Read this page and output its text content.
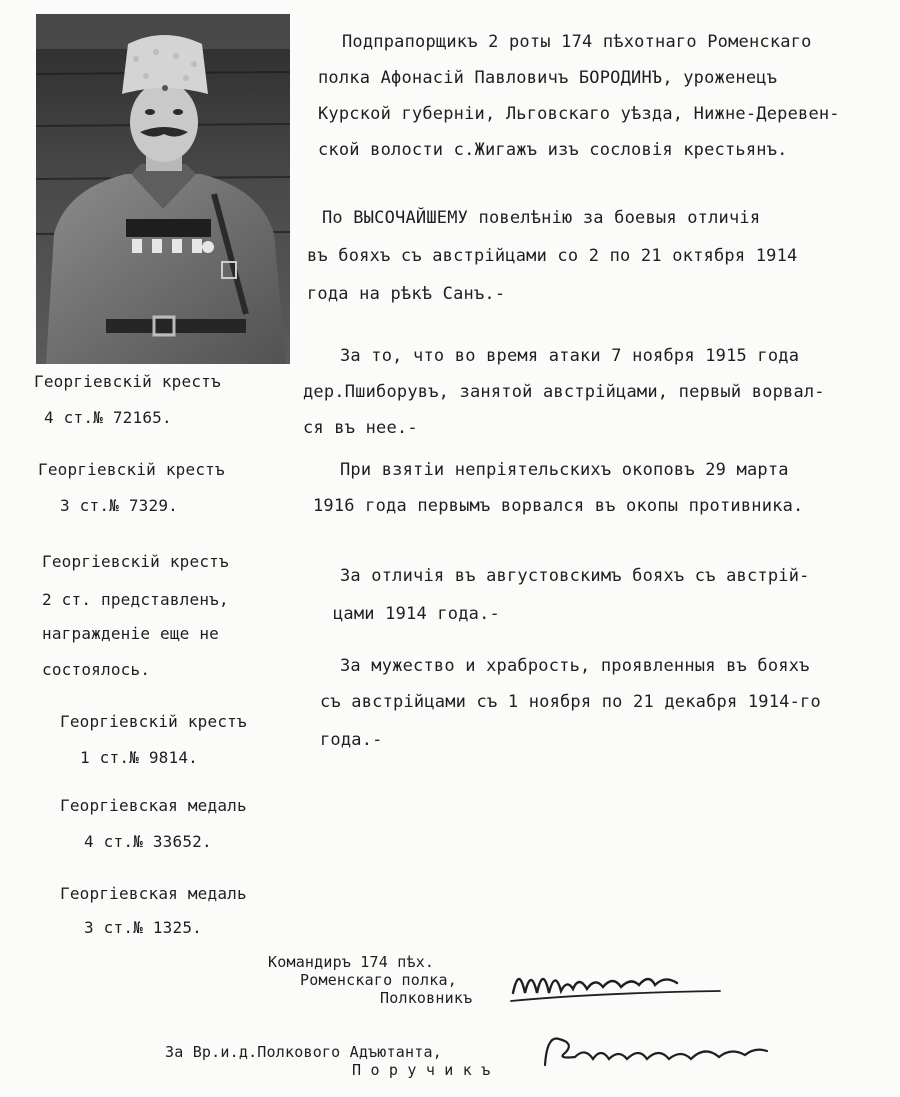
Подпрапорщикъ 2 роты 174 пѣхотнаго Роменскаго
полка Афонасій Павловичъ БОРОДИНЪ, уроженецъ
Курской губерніи, Льговскаго уѣзда, Нижне-Деревен-
ской волости с.Жигажъ изъ сословія крестьянъ.
По ВЫСОЧАЙШЕМУ повелѣнію за боевыя отличія
въ бояхъ съ австрійцами со 2 по 21 октября 1914
года на рѣкѣ Санъ.-
За то, что во время атаки 7 ноября 1915 года
дер.Пшиборувъ, занятой австрійцами, первый ворвал-
ся въ нее.-
При взятіи непріятельскихъ окоповъ 29 марта
1916 года первымъ ворвался въ окопы противника.
За отличія въ августовскимъ бояхъ съ австрій-
цами 1914 года.-
За мужество и храбрость, проявленныя въ бояхъ
съ австрійцами съ 1 ноября по 21 декабря 1914-го
года.-
Георгіевскій крестъ
4 ст.№ 72165.
Георгіевскій крестъ
3 ст.№ 7329.
Георгіевскій крестъ
2 ст. представленъ,
награжденіе еще не
состоялось.
Георгіевскій крестъ
1 ст.№ 9814.
Георгіевская медаль
4 ст.№ 33652.
Георгіевская медаль
3 ст.№ 1325.
Командиръ 174 пѣх.
Роменскаго полка,
Полковникъ
За Вр.и.д.Полкового Адъютанта,
П о р у ч и к ъ
